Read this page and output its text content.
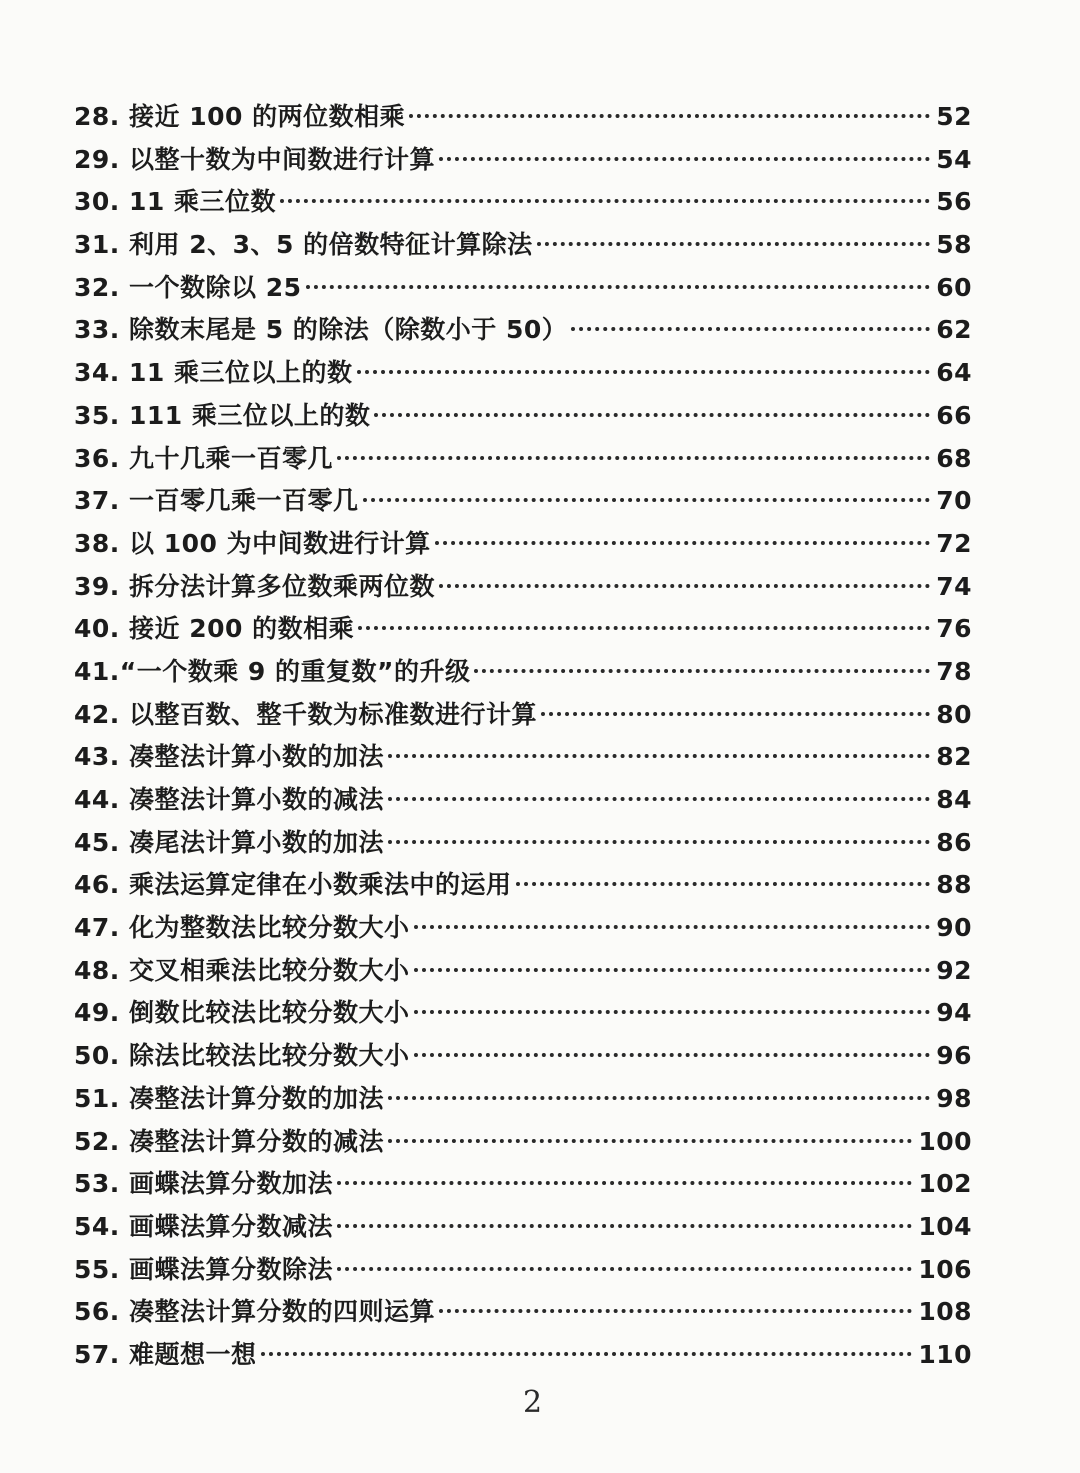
28. 接近 100 的两位数相乘	52
29. 以整十数为中间数进行计算	54
30. 11 乘三位数	56
31. 利用 2、3、5 的倍数特征计算除法	58
32. 一个数除以 25	60
33. 除数末尾是 5 的除法（除数小于 50）	62
34. 11 乘三位以上的数	64
35. 111 乘三位以上的数	66
36. 九十几乘一百零几	68
37. 一百零几乘一百零几	70
38. 以 100 为中间数进行计算	72
39. 拆分法计算多位数乘两位数	74
40. 接近 200 的数相乘	76
41.“一个数乘 9 的重复数”的升级	78
42. 以整百数、整千数为标准数进行计算	80
43. 凑整法计算小数的加法	82
44. 凑整法计算小数的减法	84
45. 凑尾法计算小数的加法	86
46. 乘法运算定律在小数乘法中的运用	88
47. 化为整数法比较分数大小	90
48. 交叉相乘法比较分数大小	92
49. 倒数比较法比较分数大小	94
50. 除法比较法比较分数大小	96
51. 凑整法计算分数的加法	98
52. 凑整法计算分数的减法	100
53. 画蝶法算分数加法	102
54. 画蝶法算分数减法	104
55. 画蝶法算分数除法	106
56. 凑整法计算分数的四则运算	108
57. 难题想一想	110
2
